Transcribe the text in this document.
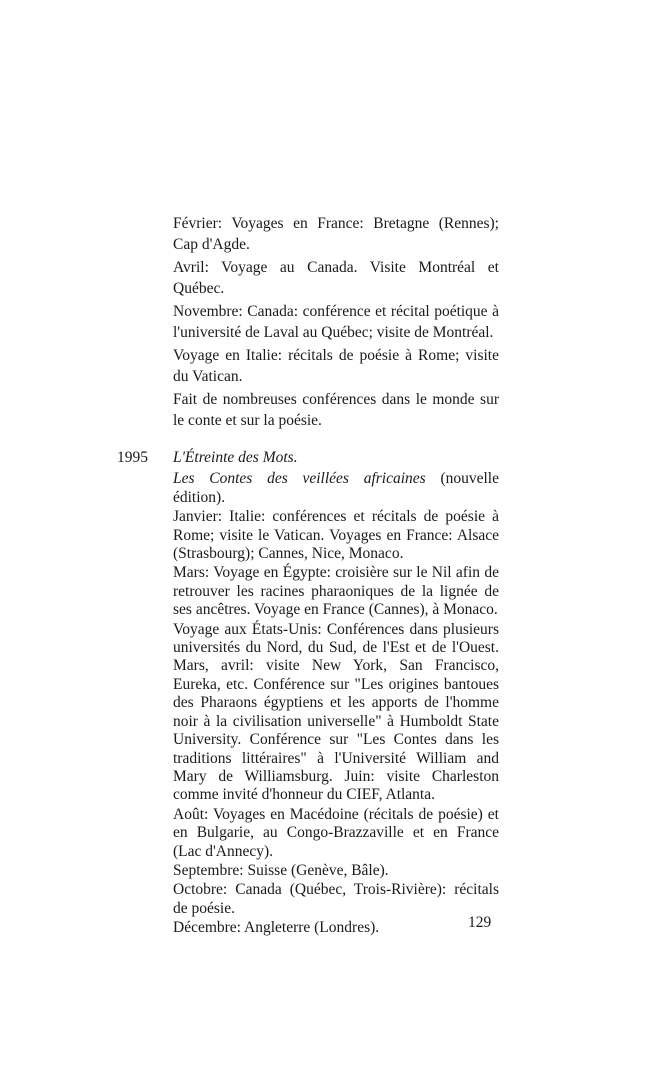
Février: Voyages en France: Bretagne (Rennes); Cap d'Agde.

Avril: Voyage au Canada. Visite Montréal et Québec.

Novembre: Canada: conférence et récital poétique à l'université de Laval au Québec; visite de Montréal.

Voyage en Italie: récitals de poésie à Rome; visite du Vatican.

Fait de nombreuses conférences dans le monde sur le conte et sur la poésie.

1995 L'Étreinte des Mots.

Les Contes des veillées africaines (nouvelle édition).

Janvier: Italie: conférences et récitals de poésie à Rome; visite le Vatican. Voyages en France: Alsace (Strasbourg); Cannes, Nice, Monaco.

Mars: Voyage en Égypte: croisière sur le Nil afin de retrouver les racines pharaoniques de la lignée de ses ancêtres. Voyage en France (Cannes), à Monaco.

Voyage aux États-Unis: Conférences dans plusieurs universités du Nord, du Sud, de l'Est et de l'Ouest. Mars, avril: visite New York, San Francisco, Eureka, etc. Conférence sur "Les origines bantoues des Pharaons égyptiens et les apports de l'homme noir à la civilisation universelle" à Humboldt State University. Conférence sur "Les Contes dans les traditions littéraires" à l'Université William and Mary de Williamsburg. Juin: visite Charleston comme invité d'honneur du CIEF, Atlanta.

Août: Voyages en Macédoine (récitals de poésie) et en Bulgarie, au Congo-Brazzaville et en France (Lac d'Annecy).

Septembre: Suisse (Genève, Bâle).

Octobre: Canada (Québec, Trois-Rivière): récitals de poésie.

Décembre: Angleterre (Londres).	129
